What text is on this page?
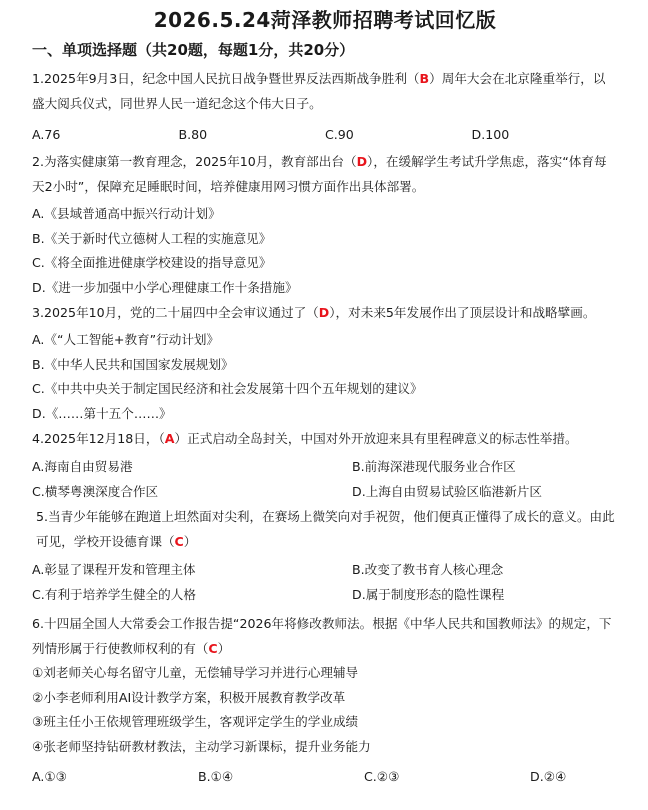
2026.5.24菏泽教师招聘考试回忆版
一、单项选择题（共20题，每题1分，共20分）

1.2025年9月3日，纪念中国人民抗日战争暨世界反法西斯战争胜利（B）周年大会在北京隆重举行，以盛大阅兵仪式，同世界人民一道纪念这个伟大日子。

A.76	B.80	C.90	D.100

2.为落实健康第一教育理念，2025年10月，教育部出台（D），在缓解学生考试升学焦虑，落实“体育每天2小时”，保障充足睡眠时间，培养健康用网习惯方面作出具体部署。

A.《县域普通高中振兴行动计划》
B.《关于新时代立德树人工程的实施意见》
C.《将全面推进健康学校建设的指导意见》
D.《进一步加强中小学心理健康工作十条措施》

3.2025年10月，党的二十届四中全会审议通过了（D），对未来5年发展作出了顶层设计和战略擘画。

A.《“人工智能+教育”行动计划》
B.《中华人民共和国国家发展规划》
C.《中共中央关于制定国民经济和社会发展第十四个五年规划的建议》
D.《……第十五个……》

4.2025年12月18日，（A）正式启动全岛封关，中国对外开放迎来具有里程碑意义的标志性举措。

A.海南自由贸易港	B.前海深港现代服务业合作区
C.横琴粤澳深度合作区	D.上海自由贸易试验区临港新片区

5.当青少年能够在跑道上坦然面对尖利，在赛场上微笑向对手祝贺，他们便真正懂得了成长的意义。由此可见，学校开设德育课（C）

A.彰显了课程开发和管理主体	B.改变了教书育人核心理念
C.有利于培养学生健全的人格	D.属于制度形态的隐性课程

6.十四届全国人大常委会工作报告提“2026年将修改教师法。根据《中华人民共和国教师法》的规定，下列情形属于行使教师权利的有（C）

①刘老师关心每名留守儿童，无偿辅导学习并进行心理辅导
②小李老师利用AI设计教学方案，积极开展教育教学改革
③班主任小王依规管理班级学生，客观评定学生的学业成绩
④张老师坚持钻研教材教法，主动学习新课标，提升业务能力
A.①③	B.①④	C.②③	D.②④
